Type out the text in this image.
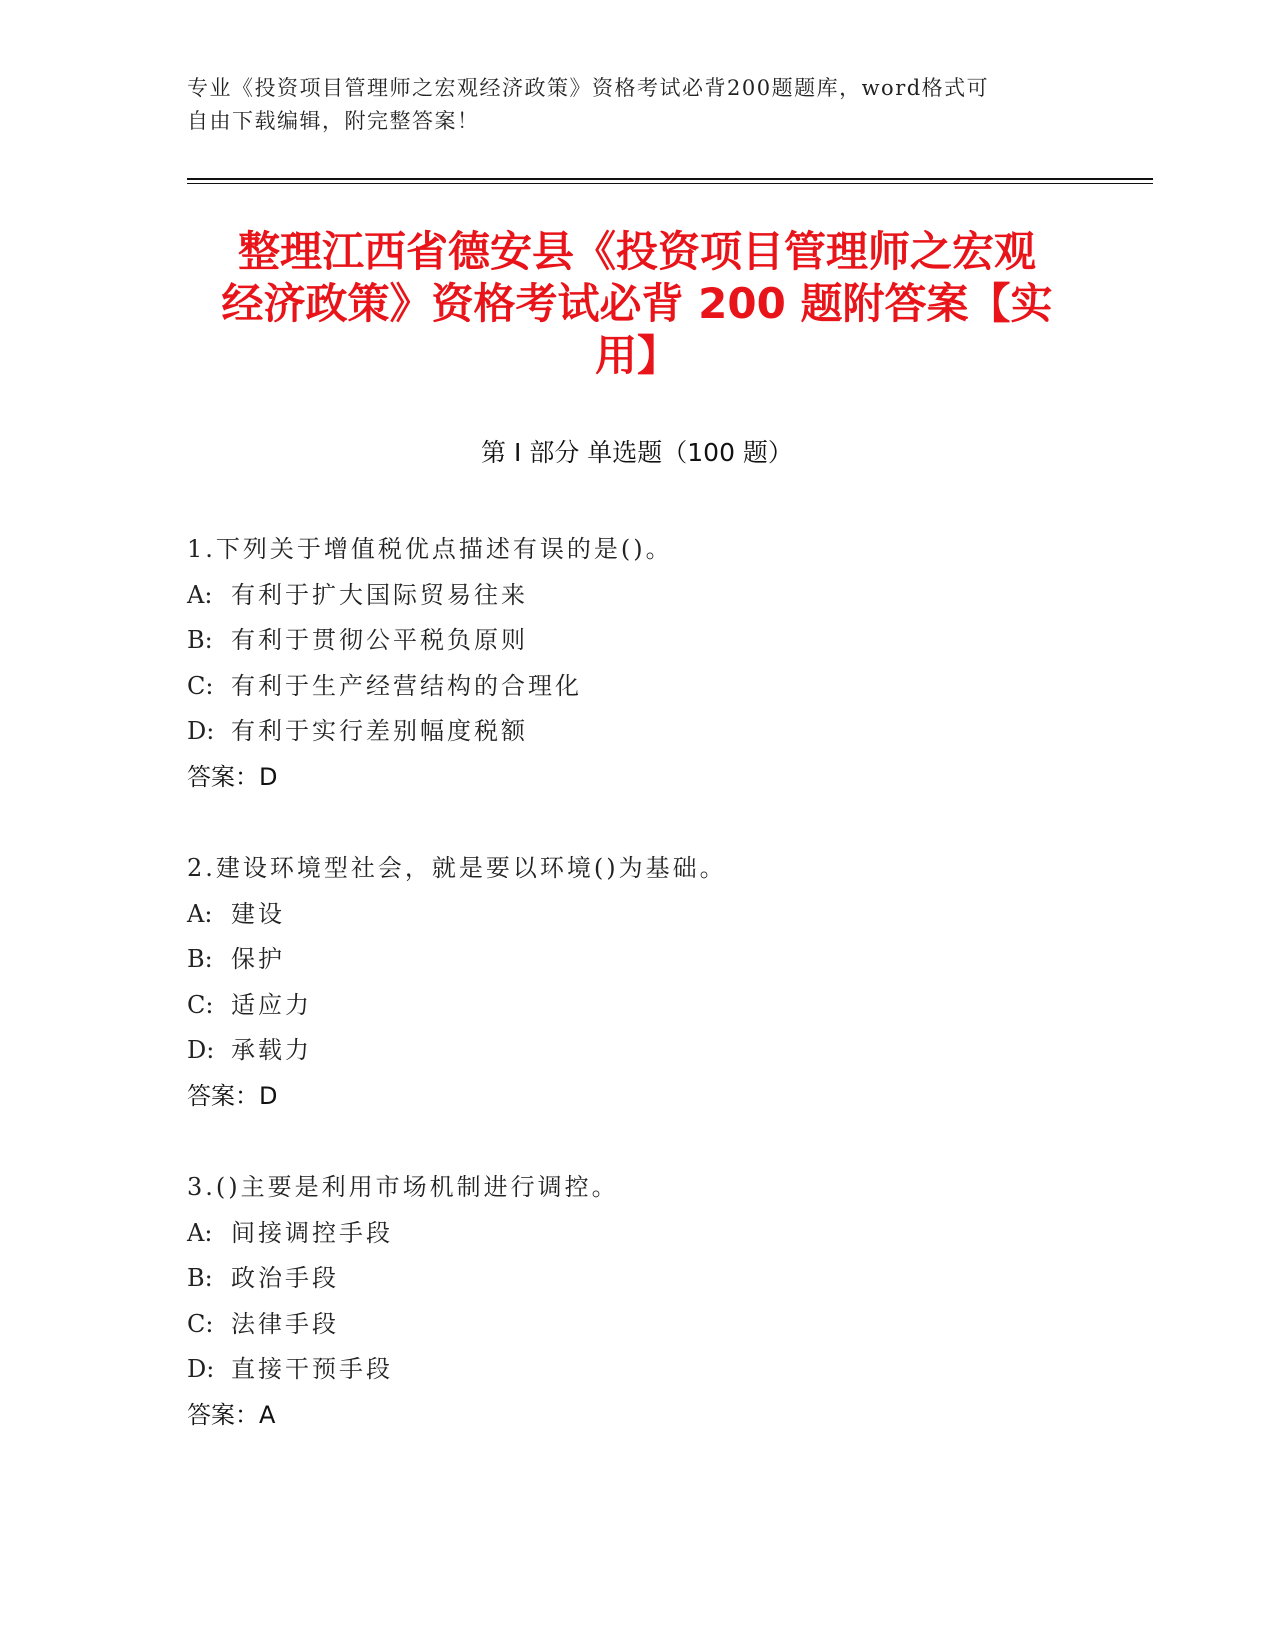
专业《投资项目管理师之宏观经济政策》资格考试必背200题题库，word格式可
自由下载编辑，附完整答案！
整理江西省德安县《投资项目管理师之宏观
经济政策》资格考试必背 200 题附答案【实
用】
第 I 部分 单选题（100 题）
1.下列关于增值税优点描述有误的是()。
A: 有利于扩大国际贸易往来
B: 有利于贯彻公平税负原则
C: 有利于生产经营结构的合理化
D: 有利于实行差别幅度税额
答案：D
2.建设环境型社会，就是要以环境()为基础。
A: 建设
B: 保护
C: 适应力
D: 承载力
答案：D
3.()主要是利用市场机制进行调控。
A: 间接调控手段
B: 政治手段
C: 法律手段
D: 直接干预手段
答案：A
